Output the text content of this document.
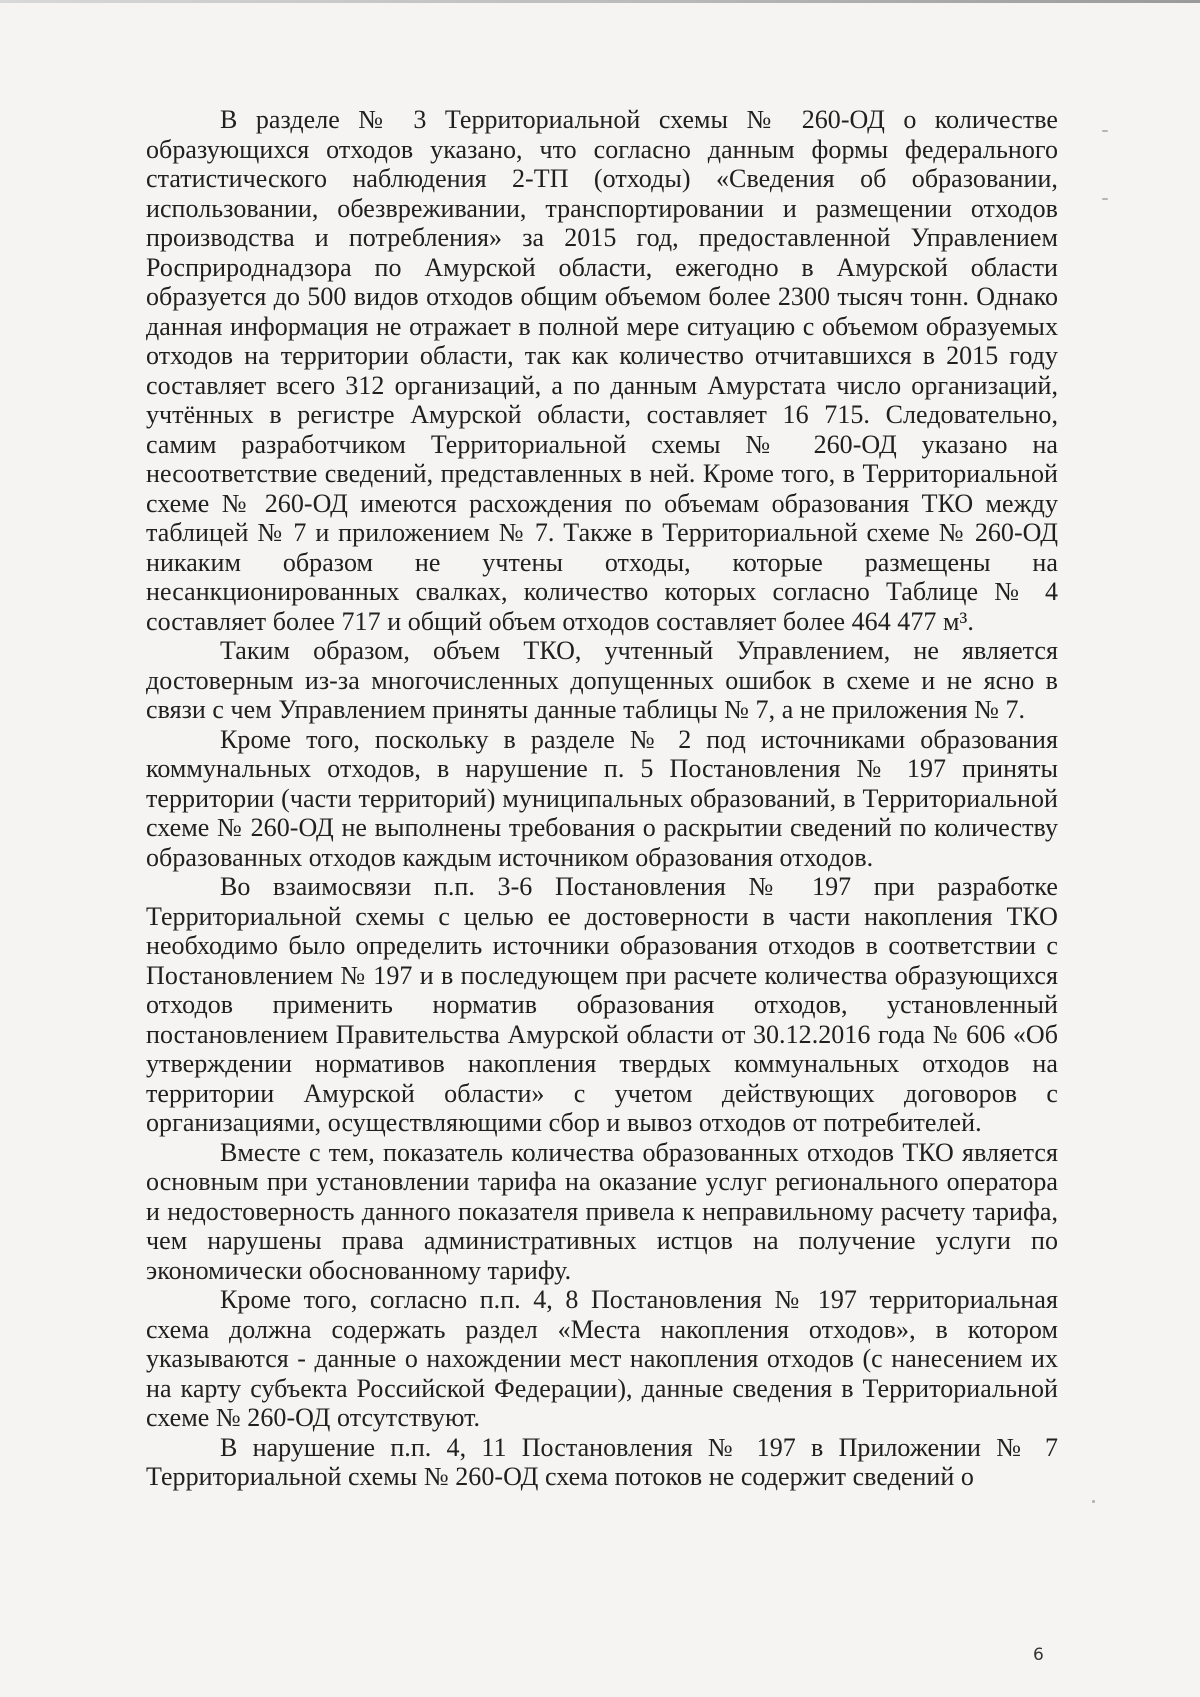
В разделе № 3 Территориальной схемы № 260-ОД о количестве образующихся отходов указано, что согласно данным формы федерального статистического наблюдения 2-ТП (отходы) «Сведения об образовании, использовании, обезвреживании, транспортировании и размещении отходов производства и потребления» за 2015 год, предоставленной Управлением Росприроднадзора по Амурской области, ежегодно в Амурской области образуется до 500 видов отходов общим объемом более 2300 тысяч тонн. Однако данная информация не отражает в полной мере ситуацию с объемом образуемых отходов на территории области, так как количество отчитавшихся в 2015 году составляет всего 312 организаций, а по данным Амурстата число организаций, учтённых в регистре Амурской области, составляет 16 715. Следовательно, самим разработчиком Территориальной схемы № 260-ОД указано на несоответствие сведений, представленных в ней. Кроме того, в Территориальной схеме № 260-ОД имеются расхождения по объемам образования ТКО между таблицей № 7 и приложением № 7. Также в Территориальной схеме № 260-ОД никаким образом не учтены отходы, которые размещены на несанкционированных свалках, количество которых согласно Таблице № 4 составляет более 717 и общий объем отходов составляет более 464 477 м³.

Таким образом, объем ТКО, учтенный Управлением, не является достоверным из-за многочисленных допущенных ошибок в схеме и не ясно в связи с чем Управлением приняты данные таблицы № 7, а не приложения № 7.

Кроме того, поскольку в разделе № 2 под источниками образования коммунальных отходов, в нарушение п. 5 Постановления № 197 приняты территории (части территорий) муниципальных образований, в Территориальной схеме № 260-ОД не выполнены требования о раскрытии сведений по количеству образованных отходов каждым источником образования отходов.

Во взаимосвязи п.п. 3-6 Постановления № 197 при разработке Территориальной схемы с целью ее достоверности в части накопления ТКО необходимо было определить источники образования отходов в соответствии с Постановлением № 197 и в последующем при расчете количества образующихся отходов применить норматив образования отходов, установленный постановлением Правительства Амурской области от 30.12.2016 года № 606 «Об утверждении нормативов накопления твердых коммунальных отходов на территории Амурской области» с учетом действующих договоров с организациями, осуществляющими сбор и вывоз отходов от потребителей.

Вместе с тем, показатель количества образованных отходов ТКО является основным при установлении тарифа на оказание услуг регионального оператора и недостоверность данного показателя привела к неправильному расчету тарифа, чем нарушены права административных истцов на получение услуги по экономически обоснованному тарифу.

Кроме того, согласно п.п. 4, 8 Постановления № 197 территориальная схема должна содержать раздел «Места накопления отходов», в котором указываются - данные о нахождении мест накопления отходов (с нанесением их на карту субъекта Российской Федерации), данные сведения в Территориальной схеме № 260-ОД отсутствуют.

В нарушение п.п. 4, 11 Постановления № 197 в Приложении № 7 Территориальной схемы № 260-ОД схема потоков не содержит сведений о

6
